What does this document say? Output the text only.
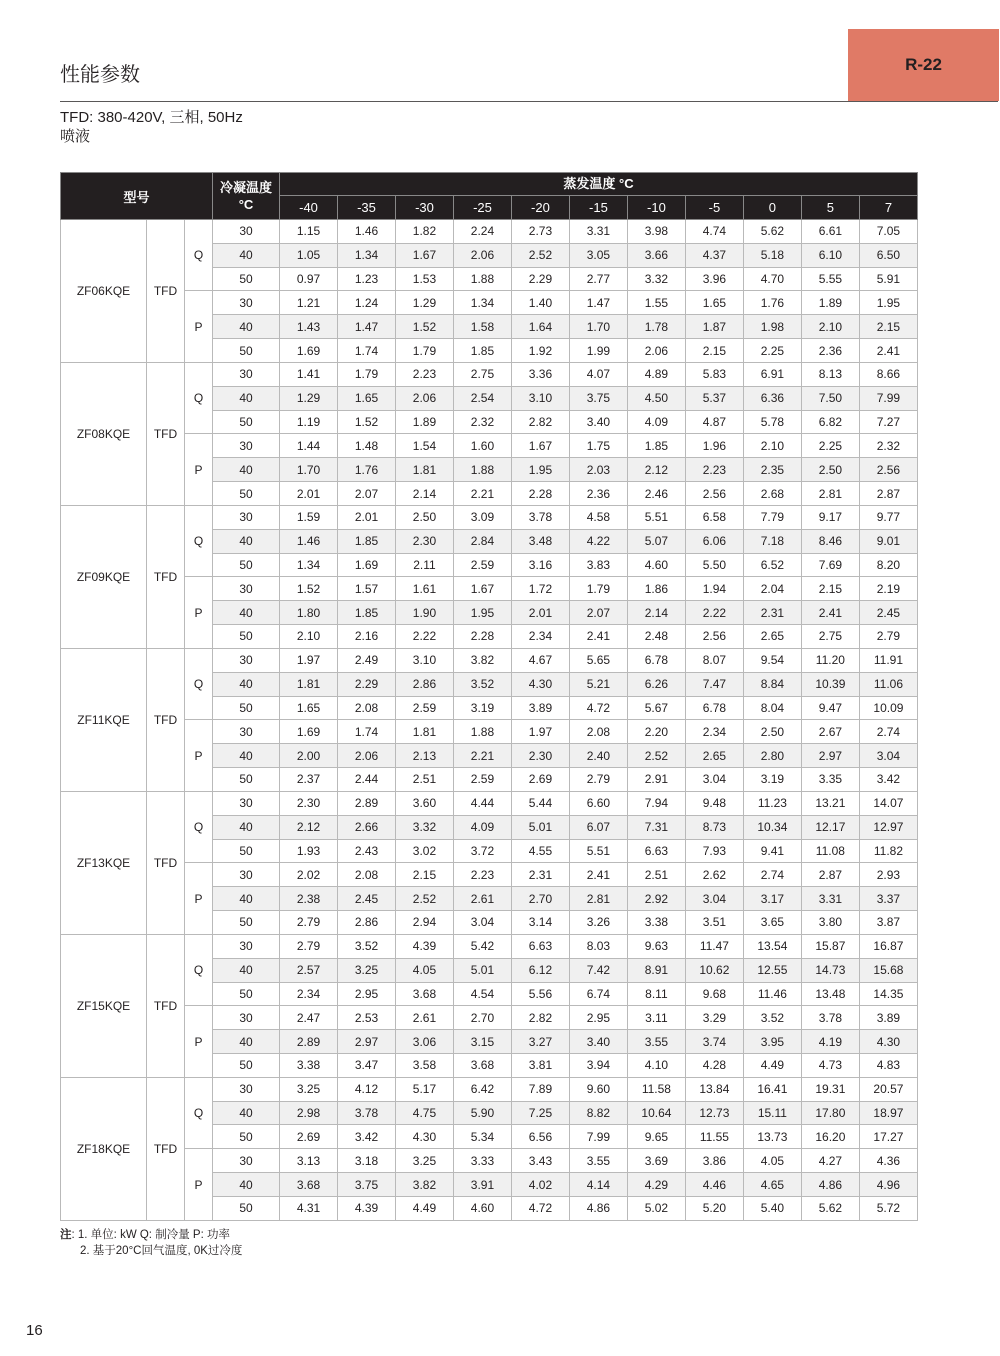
性能参数	R-22
TFD: 380-420V, 三相, 50Hz
喷液
型号			冷凝温度
°C	蒸发温度 °C										
				-40	-35	-30	-25	-20	-15	-10	-5	0	5	7
ZF06KQE	TFD	Q	30	1.15	1.46	1.82	2.24	2.73	3.31	3.98	4.74	5.62	6.61	7.05
			40	1.05	1.34	1.67	2.06	2.52	3.05	3.66	4.37	5.18	6.10	6.50
			50	0.97	1.23	1.53	1.88	2.29	2.77	3.32	3.96	4.70	5.55	5.91
		P	30	1.21	1.24	1.29	1.34	1.40	1.47	1.55	1.65	1.76	1.89	1.95
			40	1.43	1.47	1.52	1.58	1.64	1.70	1.78	1.87	1.98	2.10	2.15
			50	1.69	1.74	1.79	1.85	1.92	1.99	2.06	2.15	2.25	2.36	2.41
ZF08KQE	TFD	Q	30	1.41	1.79	2.23	2.75	3.36	4.07	4.89	5.83	6.91	8.13	8.66
			40	1.29	1.65	2.06	2.54	3.10	3.75	4.50	5.37	6.36	7.50	7.99
			50	1.19	1.52	1.89	2.32	2.82	3.40	4.09	4.87	5.78	6.82	7.27
		P	30	1.44	1.48	1.54	1.60	1.67	1.75	1.85	1.96	2.10	2.25	2.32
			40	1.70	1.76	1.81	1.88	1.95	2.03	2.12	2.23	2.35	2.50	2.56
			50	2.01	2.07	2.14	2.21	2.28	2.36	2.46	2.56	2.68	2.81	2.87
ZF09KQE	TFD	Q	30	1.59	2.01	2.50	3.09	3.78	4.58	5.51	6.58	7.79	9.17	9.77
			40	1.46	1.85	2.30	2.84	3.48	4.22	5.07	6.06	7.18	8.46	9.01
			50	1.34	1.69	2.11	2.59	3.16	3.83	4.60	5.50	6.52	7.69	8.20
		P	30	1.52	1.57	1.61	1.67	1.72	1.79	1.86	1.94	2.04	2.15	2.19
			40	1.80	1.85	1.90	1.95	2.01	2.07	2.14	2.22	2.31	2.41	2.45
			50	2.10	2.16	2.22	2.28	2.34	2.41	2.48	2.56	2.65	2.75	2.79
ZF11KQE	TFD	Q	30	1.97	2.49	3.10	3.82	4.67	5.65	6.78	8.07	9.54	11.20	11.91
			40	1.81	2.29	2.86	3.52	4.30	5.21	6.26	7.47	8.84	10.39	11.06
			50	1.65	2.08	2.59	3.19	3.89	4.72	5.67	6.78	8.04	9.47	10.09
		P	30	1.69	1.74	1.81	1.88	1.97	2.08	2.20	2.34	2.50	2.67	2.74
			40	2.00	2.06	2.13	2.21	2.30	2.40	2.52	2.65	2.80	2.97	3.04
			50	2.37	2.44	2.51	2.59	2.69	2.79	2.91	3.04	3.19	3.35	3.42
ZF13KQE	TFD	Q	30	2.30	2.89	3.60	4.44	5.44	6.60	7.94	9.48	11.23	13.21	14.07
			40	2.12	2.66	3.32	4.09	5.01	6.07	7.31	8.73	10.34	12.17	12.97
			50	1.93	2.43	3.02	3.72	4.55	5.51	6.63	7.93	9.41	11.08	11.82
		P	30	2.02	2.08	2.15	2.23	2.31	2.41	2.51	2.62	2.74	2.87	2.93
			40	2.38	2.45	2.52	2.61	2.70	2.81	2.92	3.04	3.17	3.31	3.37
			50	2.79	2.86	2.94	3.04	3.14	3.26	3.38	3.51	3.65	3.80	3.87
ZF15KQE	TFD	Q	30	2.79	3.52	4.39	5.42	6.63	8.03	9.63	11.47	13.54	15.87	16.87
			40	2.57	3.25	4.05	5.01	6.12	7.42	8.91	10.62	12.55	14.73	15.68
			50	2.34	2.95	3.68	4.54	5.56	6.74	8.11	9.68	11.46	13.48	14.35
		P	30	2.47	2.53	2.61	2.70	2.82	2.95	3.11	3.29	3.52	3.78	3.89
			40	2.89	2.97	3.06	3.15	3.27	3.40	3.55	3.74	3.95	4.19	4.30
			50	3.38	3.47	3.58	3.68	3.81	3.94	4.10	4.28	4.49	4.73	4.83
ZF18KQE	TFD	Q	30	3.25	4.12	5.17	6.42	7.89	9.60	11.58	13.84	16.41	19.31	20.57
			40	2.98	3.78	4.75	5.90	7.25	8.82	10.64	12.73	15.11	17.80	18.97
			50	2.69	3.42	4.30	5.34	6.56	7.99	9.65	11.55	13.73	16.20	17.27
		P	30	3.13	3.18	3.25	3.33	3.43	3.55	3.69	3.86	4.05	4.27	4.36
			40	3.68	3.75	3.82	3.91	4.02	4.14	4.29	4.46	4.65	4.86	4.96
			50	4.31	4.39	4.49	4.60	4.72	4.86	5.02	5.20	5.40	5.62	5.72
注: 1. 单位: kW Q: 制冷量 P: 功率
2. 基于20°C回气温度, 0K过冷度
16
